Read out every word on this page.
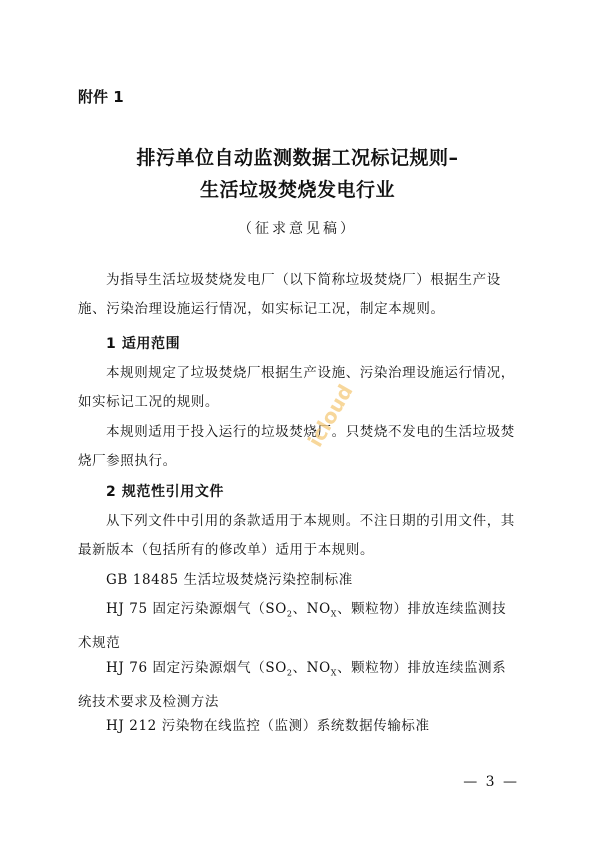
附件 1
排污单位自动监测数据工况标记规则–
生活垃圾焚烧发电行业
（征求意见稿）
为指导生活垃圾焚烧发电厂（以下简称垃圾焚烧厂）根据生产设施、污染治理设施运行情况，如实标记工况，制定本规则。
1 适用范围
本规则规定了垃圾焚烧厂根据生产设施、污染治理设施运行情况，如实标记工况的规则。
本规则适用于投入运行的垃圾焚烧厂。只焚烧不发电的生活垃圾焚烧厂参照执行。
2 规范性引用文件
从下列文件中引用的条款适用于本规则。不注日期的引用文件，其最新版本（包括所有的修改单）适用于本规则。
GB 18485 生活垃圾焚烧污染控制标准
HJ 75 固定污染源烟气（$SO_2$、$NO_X$、颗粒物）排放连续监测技术规范
HJ 76 固定污染源烟气（$SO_2$、$NO_X$、颗粒物）排放连续监测系统技术要求及检测方法
HJ 212 污染物在线监控（监测）系统数据传输标准
icloud
— 3 —
